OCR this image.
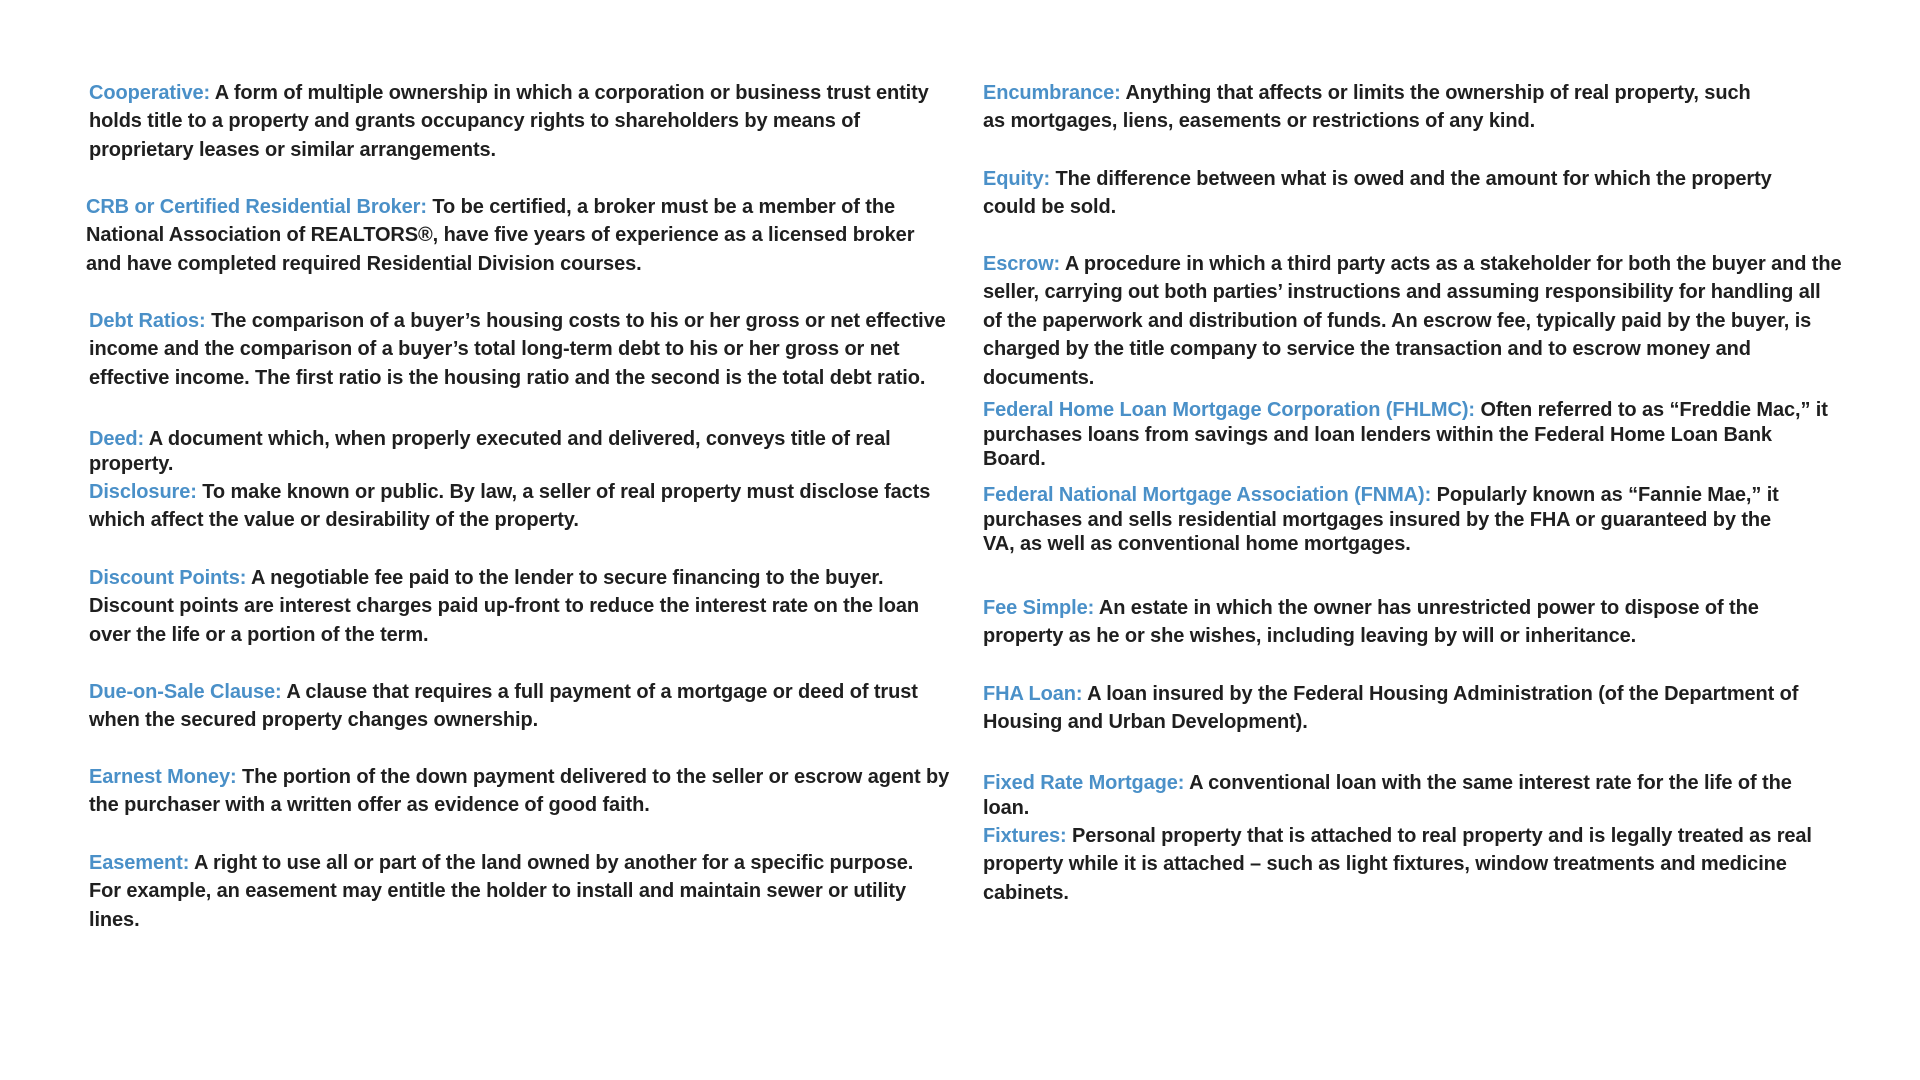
Cooperative: A form of multiple ownership in which a corporation or business trust entity holds title to a property and grants occupancy rights to shareholders by means of proprietary leases or similar arrangements.

CRB or Certified Residential Broker: To be certified, a broker must be a member of the National Association of REALTORS®, have five years of experience as a licensed broker and have completed required Residential Division courses.

Debt Ratios: The comparison of a buyer’s housing costs to his or her gross or net effective income and the comparison of a buyer’s total long-term debt to his or her gross or net effective income. The first ratio is the housing ratio and the second is the total debt ratio.

Deed: A document which, when properly executed and delivered, conveys title of real property.

Disclosure: To make known or public. By law, a seller of real property must disclose facts which affect the value or desirability of the property.

Discount Points: A negotiable fee paid to the lender to secure financing to the buyer. Discount points are interest charges paid up-front to reduce the interest rate on the loan over the life or a portion of the term.

Due-on-Sale Clause: A clause that requires a full payment of a mortgage or deed of trust when the secured property changes ownership.

Earnest Money: The portion of the down payment delivered to the seller or escrow agent by the purchaser with a written offer as evidence of good faith.

Easement: A right to use all or part of the land owned by another for a specific purpose. For example, an easement may entitle the holder to install and maintain sewer or utility lines.

Encumbrance: Anything that affects or limits the ownership of real property, such as mortgages, liens, easements or restrictions of any kind.

Equity: The difference between what is owed and the amount for which the property could be sold.

Escrow: A procedure in which a third party acts as a stakeholder for both the buyer and the seller, carrying out both parties’ instructions and assuming responsibility for handling all of the paperwork and distribution of funds. An escrow fee, typically paid by the buyer, is charged by the title company to service the transaction and to escrow money and documents.

Federal Home Loan Mortgage Corporation (FHLMC): Often referred to as “Freddie Mac,” it purchases loans from savings and loan lenders within the Federal Home Loan Bank Board.

Federal National Mortgage Association (FNMA): Popularly known as “Fannie Mae,” it purchases and sells residential mortgages insured by the FHA or guaranteed by the VA, as well as conventional home mortgages.

Fee Simple: An estate in which the owner has unrestricted power to dispose of the property as he or she wishes, including leaving by will or inheritance.

FHA Loan: A loan insured by the Federal Housing Administration (of the Department of Housing and Urban Development).

Fixed Rate Mortgage: A conventional loan with the same interest rate for the life of the loan.

Fixtures: Personal property that is attached to real property and is legally treated as real property while it is attached – such as light fixtures, window treatments and medicine cabinets.
